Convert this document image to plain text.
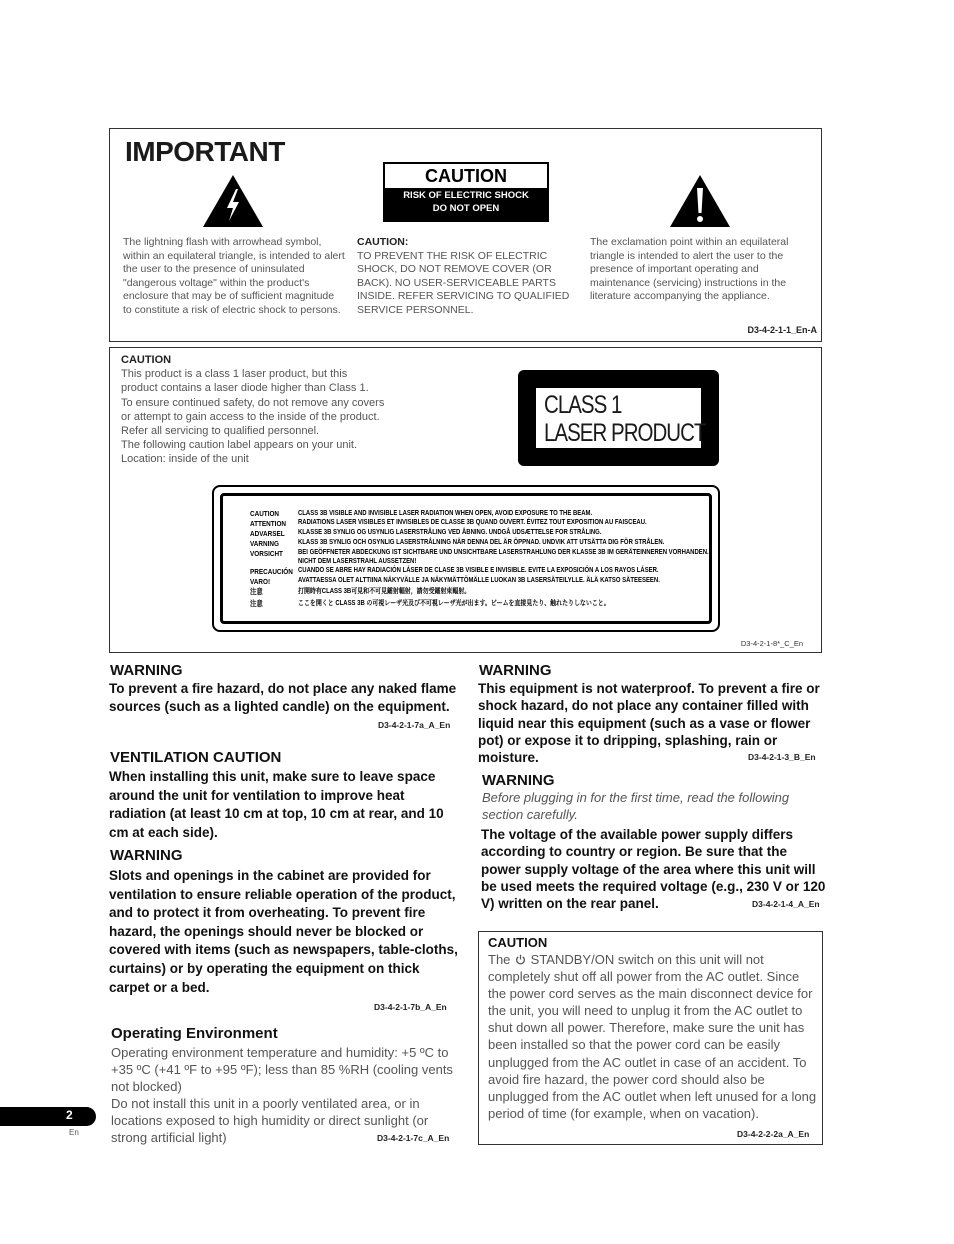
IMPORTANT
CAUTION
RISK OF ELECTRIC SHOCK
DO NOT OPEN
The lightning flash with arrowhead symbol, within an equilateral triangle, is intended to alert the user to the presence of uninsulated "dangerous voltage" within the product's enclosure that may be of sufficient magnitude to constitute a risk of electric shock to persons.
CAUTION:
TO PREVENT THE RISK OF ELECTRIC SHOCK, DO NOT REMOVE COVER (OR BACK). NO USER-SERVICEABLE PARTS INSIDE. REFER SERVICING TO QUALIFIED SERVICE PERSONNEL.
The exclamation point within an equilateral triangle is intended to alert the user to the presence of important operating and maintenance (servicing) instructions in the literature accompanying the appliance.
D3-4-2-1-1_En-A
CAUTION
This product is a class 1 laser product, but this
product contains a laser diode higher than Class 1.
To ensure continued safety, do not remove any covers
or attempt to gain access to the inside of the product.
Refer all servicing to qualified personnel.
The following caution label appears on your unit.
Location: inside of the unit
CLASS 1
LASER PRODUCT
CAUTION	CLASS 3B VISIBLE AND INVISIBLE LASER RADIATION WHEN OPEN, AVOID EXPOSURE TO THE BEAM.
ATTENTION RADIATIONS LASER VISIBLES ET INVISIBLES DE CLASSE 3B QUAND OUVERT. ÉVITEZ TOUT EXPOSITION AU FAISCEAU.
ADVARSEL KLASSE 3B SYNLIG OG USYNLIG LASERSTRÅLING VED ÅBNING. UNDGÅ UDSÆTTELSE FOR STRÅLING.
VARNING	KLASS 3B SYNLIG OCH OSYNLIG LASERSTRÅLNING NÄR DENNA DEL ÄR ÖPPNAD. UNDVIK ATT UTSÄTTA DIG FÖR STRÅLEN.
VORSICHT BEI GEÖFFNETER ABDECKUNG IST SICHTBARE UND UNSICHTBARE LASERSTRAHLUNG DER KLASSE 3B IM GERÄTEINNEREN VORHANDEN.
NICHT DEM LASERSTRAHL AUSSETZEN!
PRECAUCIÓN CUANDO SE ABRE HAY RADIACIÓN LÁSER DE CLASE 3B VISIBLE E INVISIBLE. EVITE LA EXPOSICIÓN A LOS RAYOS LÁSER.
VARO!	AVATTAESSA OLET ALTTIINA NÄKYVÄLLE JA NÄKYMÄTTÖMÄLLE LUOKAN 3B LASERSÄTEILYLLE. ÄLÄ KATSO SÄTEESEEN.
注意	打開時有CLASS 3B可見和不可見鐳射輻射，請勿受鐳射束輻射。
注意	ここを開くと CLASS 3B の可視レーザ光及び不可視レーザ光が出ます。ビームを直接見たり、触れたりしないこと。
D3-4-2-1-8*_C_En
WARNING
To prevent a fire hazard, do not place any naked flame sources (such as a lighted candle) on the equipment.
D3-4-2-1-7a_A_En
VENTILATION CAUTION
When installing this unit, make sure to leave space around the unit for ventilation to improve heat radiation (at least 10 cm at top, 10 cm at rear, and 10 cm at each side).
WARNING
Slots and openings in the cabinet are provided for ventilation to ensure reliable operation of the product, and to protect it from overheating. To prevent fire hazard, the openings should never be blocked or covered with items (such as newspapers, table-cloths, curtains) or by operating the equipment on thick carpet or a bed.
D3-4-2-1-7b_A_En
Operating Environment
Operating environment temperature and humidity: +5 ºC to +35 ºC (+41 ºF to +95 ºF); less than 85 %RH (cooling vents not blocked)
Do not install this unit in a poorly ventilated area, or in locations exposed to high humidity or direct sunlight (or strong artificial light)	D3-4-2-1-7c_A_En
WARNING
This equipment is not waterproof. To prevent a fire or shock hazard, do not place any container filled with liquid near this equipment (such as a vase or flower pot) or expose it to dripping, splashing, rain or moisture.	D3-4-2-1-3_B_En
WARNING
Before plugging in for the first time, read the following section carefully.
The voltage of the available power supply differs according to country or region. Be sure that the power supply voltage of the area where this unit will be used meets the required voltage (e.g., 230 V or 120 V) written on the rear panel.	D3-4-2-1-4_A_En
CAUTION
The STANDBY/ON switch on this unit will not completely shut off all power from the AC outlet. Since the power cord serves as the main disconnect device for the unit, you will need to unplug it from the AC outlet to shut down all power. Therefore, make sure the unit has been installed so that the power cord can be easily unplugged from the AC outlet in case of an accident. To avoid fire hazard, the power cord should also be unplugged from the AC outlet when left unused for a long period of time (for example, when on vacation).
D3-4-2-2-2a_A_En
2
En
